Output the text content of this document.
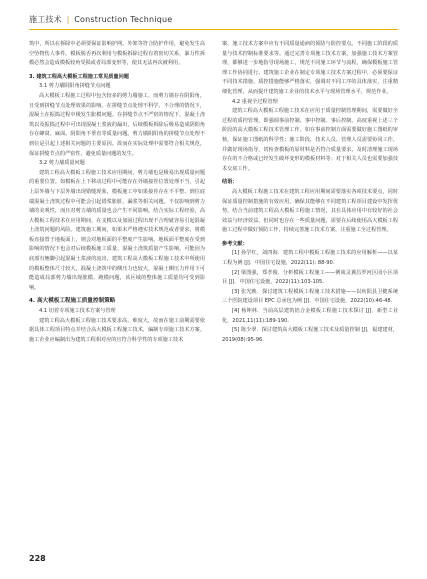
施工技术 | Construction Technique

筑中，所以在拆除中必须要保证影响护网、外架等符合防护作用，避免发生高空坠物伤人事件。模板脱否再次利用与模板拆除过程有着密切关系，暴力性拆模必然会造成模板较角受损或者局部变形等，使其无法再次被利用。

3. 建筑工程高大模板工程施工常见质量问题

3.1 剪力墙阴阳角拼缝节点问题

高大模板工程施工过程中包含较多的剪力墙施工，而剪力墙存在阴阳角，且受到拼缝节点处理效果的影响。在拼缝节点处理不科学、不合理的情况下，混凝土在振捣过程中极发生胀模问题。在拼缝节点不严密的情况下，混凝土浇筑以及振捣过程中可出现混凝土浆液的漏出，后续模板拆除后极易造成阴阳角存在蜂窝、麻面、阴阳角不垂直等质量问题。剪力墙阴阳角的拼缝节点处理不到位是引起上述相关问题的主要原因。故而在实际处理中需要符合相关规范，保证拼缝节点的严密性，避免质量问题的发生。

3.2 剪力墙质量问题

建筑工程高大模板工程施工技术应用期间，剪力墙也是极易出现质量问题的重要位置。如模板在上下移动过程中可能存在外墙接茬位置处理不当，引起上层外墙与下层外墙出现错缝现象，模板施工中如果接茬存在不平整、到位底端混凝土浇筑过程中可能会引起错浆胀脏，漏浆等相关问题。不仅影响到剪力墙的美观性，而且对剪力墙的质量也会产生不同影响。结合实际工程经验，高大模板工程技术在应用期间，在支模以及加固过程出现不合理就容易引起混凝土浇筑问题的风险。建筑施工期间，如果未严格遵实技术规范或者要求，将模板直接置于地板面上，则会对地板面的平整度产生影响。地板面平整度在受到影响的情况下也会对后续模板施工质量、混凝土浇筑质量产生影响。可能因为底部有翘脚引起混凝土浆液的流出，建筑工程高大模板工程施工技术中所使用的模板整体尺寸较大，混凝土浇筑中的侧压力也较大，混凝土侧压力作用下可能造成局部剪力墙出现胀模、跑模问题，该区域的整体施工质量均可受到影响。

4. 高大模板工程施工质量控制策略

4.1 切着专项施工技术方案与管理

建筑工程高大模板工程施工技术要求高，难度大，故而在施工前期需要依据具体工程项目特点并结合高大模板工程施工技术，编制专项施工技术方案。施工企业应编制出为建筑工程相对应的且符合科学性的专项施工技术

案，施工技术方案中应有不同质量通病的预防与防控要点。不同施工阶段的质量与技术控制标准要求等。通过完善专项施工技术方案，加强施工技术方案管理，都够进一步地指导现场施工，规范不同施工环节与流程，确保模板施工管理工作协同进行。建筑施工企业在制定专项施工技术方案过程中，必须要保证不同技术措施、质控措施能够严格落实，强调对不同工序的具体落实，注重精细化管理，从而提升建筑施工企业的技术水平与现场管理水平，规范作业。

4.2 重视全过程管理

建筑工程高大模板工程施工技术在应用于质量控制管理期间，需要做好全过程的质控管理，即强调事前控制、事中控制、事后控制。高度重视上述三个阶段的高大模板工程技术管理工作。如在事前控制方面需要做好施工图纸的审核，保证施工图纸的科学性；施工阶段，技术人员、管理人员需要协同工作，并做好现场指导，切检查模板的原材料是否符合质量要求，及时清理施工现场存在的不合格或已经发生破坏变形的模板材料等；对于相关人员也需要加强技术交底工作。

结语：

高大模板工程施工技术在建筑工程应用期间需要落实各项技术要点，同时保证质量控制措施的有效应用，确保其能够在不同建筑工程项目建设中发挥优势。结合当前建筑工程高大模板工程施工情况，其在具体应用中有较好的社会效益与经济效益，但同时也存在一些质量问题，需要在后续使用高大模板工程施工过程中做好预防工作，持续完善施工技术方案，注重施工全过程管理。

参考文献：

[1] 孙学红，刘四海．建筑工程中模板工程施工技术的应用解析——以某工程为例 [J]．中国住宅设施，2022(11): 88-90.

[2] 梁图强，郑孝俊．分析模板工程施工——例谈灵翼昌罗河区园小区项目 [J]．中国住宅设施，2022(11):103-105.

[3] 张光映．探讨建筑工程模板工程施工技术措施——以疾阳县卫健系统三个医院建设项目 EPC 总承包为例 [J]．中国住宅设施，2022(10):46-48.

[4] 杨坤林．当前高层建筑铝合金模板工程施工技术探讨 [J]．新型工业化，2021,11(11):189-190.

[5] 陈少翠．探讨建筑高大模板工程施工技术及质量控制 [J]．福建建材，2019(08):95-96.

228
